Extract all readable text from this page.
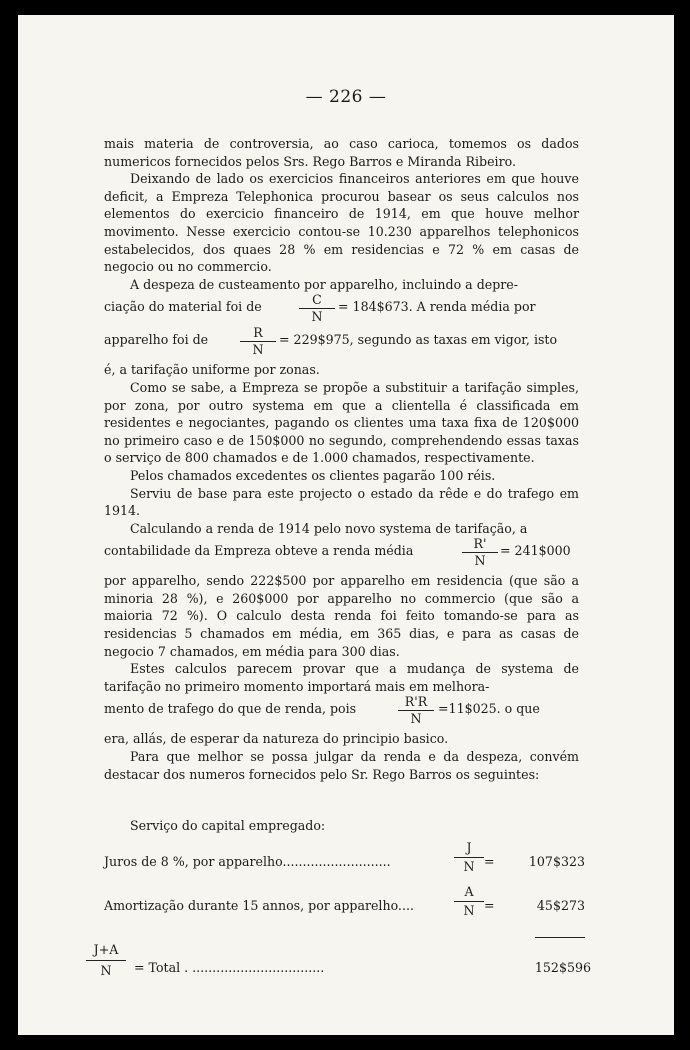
— 226 —

mais materia de controversia, ao caso carioca, tomemos os dados numericos fornecidos pelos Srs. Rego Barros e Miranda Ribeiro.

Deixando de lado os exercicios financeiros anteriores em que houve deficit, a Empreza Telephonica procurou basear os seus calculos nos elementos do exercicio financeiro de 1914, em que houve melhor movimento. Nesse exercicio contou-se 10.230 apparelhos telephonicos estabelecidos, dos quaes 28 % em residencias e 72 % em casas de negocio ou no commercio.

A despeza de custeamento por apparelho, incluindo a depre-

ciação do material foi de	C
N
= 184$673. A renda média por
apparelho foi de	R
N
= 229$975, segundo as taxas em vigor, isto

é, a tarifação uniforme por zonas.

Como se sabe, a Empreza se propõe a substituir a tarifação simples, por zona, por outro systema em que a clientella é classificada em residentes e negociantes, pagando os clientes uma taxa fixa de 120$000 no primeiro caso e de 150$000 no segundo, comprehendendo essas taxas o serviço de 800 chamados e de 1.000 chamados, respectivamente.

Pelos chamados excedentes os clientes pagarão 100 réis.

Serviu de base para este projecto o estado da rêde e do trafego em 1914.

Calculando a renda de 1914 pelo novo systema de tarifação, a

contabilidade da Empreza obteve a renda média	R'
N
= 241$000

por apparelho, sendo 222$500 por apparelho em residencia (que são a minoria 28 %), e 260$000 por apparelho no commercio (que são a maioria 72 %). O calculo desta renda foi feito tomando-se para as residencias 5 chamados em média, em 365 dias, e para as casas de negocio 7 chamados, em média para 300 dias.

Estes calculos parecem provar que a mudança de systema de tarifação no primeiro momento importará mais em melhora-

mento de trafego do que de renda, pois	R'R
N
=11$025. o que

era, allás, de esperar da natureza do principio basico.

Para que melhor se possa julgar da renda e da despeza, convém destacar dos numeros fornecidos pelo Sr. Rego Barros os seguintes:

Serviço do capital empregado:

Juros de 8 %, por apparelho...........................
J
N =	107$323
Amortização durante 15 annos, por apparelho....
A
N =	45$273
J+A
N	= Total . .................................	152$596
